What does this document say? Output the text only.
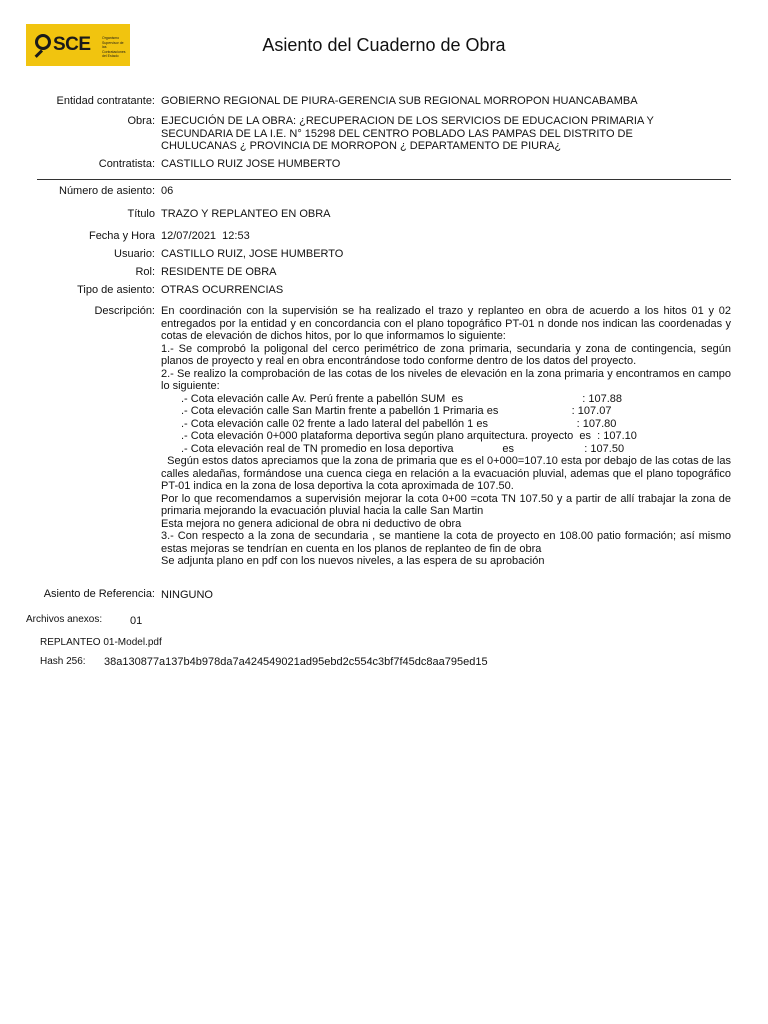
SCE	Organismo Supervisor de las Contrataciones del Estado
Asiento del Cuaderno de Obra
Entidad contratante: GOBIERNO REGIONAL DE PIURA-GERENCIA SUB REGIONAL MORROPON HUANCABAMBA
Obra: EJECUCIÓN DE LA OBRA: ¿RECUPERACION DE LOS SERVICIOS DE EDUCACION PRIMARIA Y SECUNDARIA DE LA I.E. N° 15298 DEL CENTRO POBLADO LAS PAMPAS DEL DISTRITO DE CHULUCANAS ¿ PROVINCIA DE MORROPON ¿ DEPARTAMENTO DE PIURA¿
Contratista: CASTILLO RUIZ JOSE HUMBERTO
Número de asiento: 06
Título TRAZO Y REPLANTEO EN OBRA
Fecha y Hora 12/07/2021  12:53
Usuario: CASTILLO RUIZ, JOSE HUMBERTO
Rol: RESIDENTE DE OBRA
Tipo de asiento: OTRAS OCURRENCIAS
Descripción: En coordinación con la supervisión se ha realizado el trazo y replanteo en obra de acuerdo a los hitos 01 y 02 entregados por la entidad y en concordancia con el plano topográfico PT-01 n donde nos indican las coordenadas y cotas de elevación de dichos hitos, por lo que informamos lo siguiente:
1.- Se comprobó la poligonal del cerco perimétrico de zona primaria, secundaria y zona de contingencia, según planos de proyecto y real en obra encontrándose todo conforme dentro de los datos del proyecto.
2.- Se realizo la comprobación de las cotas de los niveles de elevación en la zona primaria y encontramos en campo lo siguiente:
.- Cota elevación calle Av. Perú frente a pabellón SUM  es                                       : 107.88
.- Cota elevación calle San Martin frente a pabellón 1 Primaria es                        : 107.07
.- Cota elevación calle 02 frente a lado lateral del pabellón 1 es                             : 107.80
.- Cota elevación 0+000 plataforma deportiva según plano arquitectura. proyecto  es  : 107.10
.- Cota elevación real de TN promedio en losa deportiva                es                       : 107.50
Según estos datos apreciamos que la zona de primaria que es el 0+000=107.10 esta por debajo de las cotas de las calles aledañas, formándose una cuenca ciega en relación a la evacuación pluvial, ademas que el plano topográfico PT-01 indica en la zona de losa deportiva la cota aproximada de 107.50.
Por lo que recomendamos a supervisión mejorar la cota 0+00 =cota TN 107.50 y a partir de allí trabajar la zona de primaria mejorando la evacuación pluvial hacia la calle San Martin
Esta mejora no genera adicional de obra ni deductivo de obra
3.- Con respecto a la zona de secundaria , se mantiene la cota de proyecto en 108.00 patio formación; así mismo estas mejoras se tendrían en cuenta en los planos de replanteo de fin de obra
Se adjunta plano en pdf con los nuevos niveles, a las espera de su aprobación
Asiento de Referencia: NINGUNO
Archivos anexos:	01
REPLANTEO 01-Model.pdf
Hash 256: 38a130877a137b4b978da7a424549021ad95ebd2c554c3bf7f45dc8aa795ed15
